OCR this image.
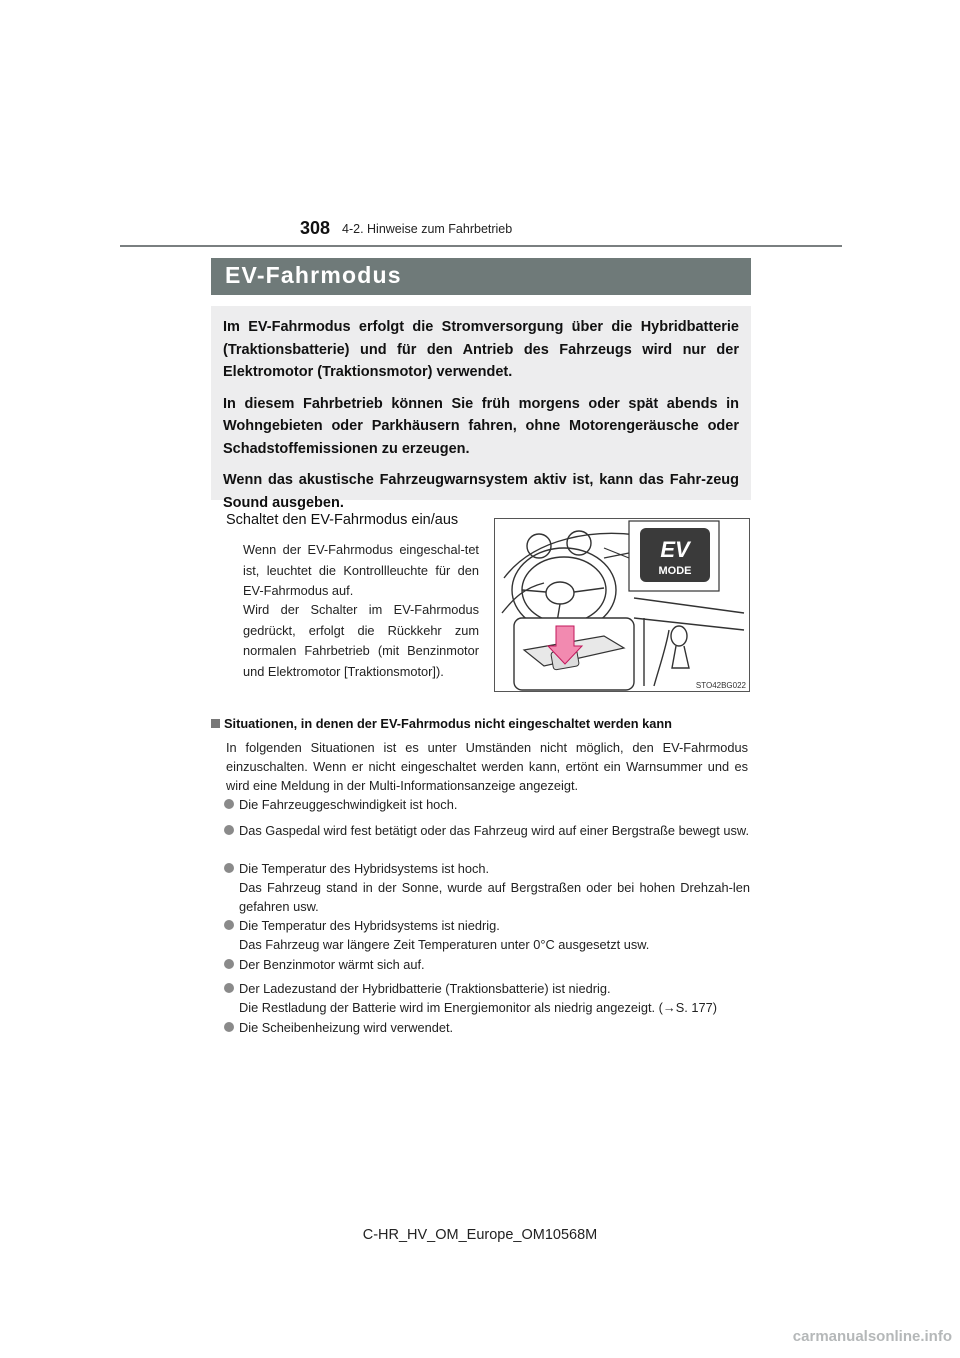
308 4-2. Hinweise zum Fahrbetrieb
EV-Fahrmodus

Im EV-Fahrmodus erfolgt die Stromversorgung über die Hybridbatterie (Traktionsbatterie) und für den Antrieb des Fahrzeugs wird nur der Elektromotor (Traktionsmotor) verwendet.

In diesem Fahrbetrieb können Sie früh morgens oder spät abends in Wohngebieten oder Parkhäusern fahren, ohne Motorengeräusche oder Schadstoffemissionen zu erzeugen.

Wenn das akustische Fahrzeugwarnsystem aktiv ist, kann das Fahr-zeug Sound ausgeben.

Schaltet den EV-Fahrmodus ein/aus
Wenn der EV-Fahrmodus eingeschal-tet ist, leuchtet die Kontrollleuchte für den EV-Fahrmodus auf.
Wird der Schalter im EV-Fahrmodus gedrückt, erfolgt die Rückkehr zum normalen Fahrbetrieb (mit Benzinmotor und Elektromotor [Traktionsmotor]).
EV
MODE
STO42BG022
Situationen, in denen der EV-Fahrmodus nicht eingeschaltet werden kann
In folgenden Situationen ist es unter Umständen nicht möglich, den EV-Fahrmodus einzuschalten. Wenn er nicht eingeschaltet werden kann, ertönt ein Warnsummer und es wird eine Meldung in der Multi-Informationsanzeige angezeigt.
Die Fahrzeuggeschwindigkeit ist hoch.
Das Gaspedal wird fest betätigt oder das Fahrzeug wird auf einer Bergstraße bewegt usw.
Die Temperatur des Hybridsystems ist hoch.
Das Fahrzeug stand in der Sonne, wurde auf Bergstraßen oder bei hohen Drehzah-len gefahren usw.
Die Temperatur des Hybridsystems ist niedrig.
Das Fahrzeug war längere Zeit Temperaturen unter 0°C ausgesetzt usw.
Der Benzinmotor wärmt sich auf.
Der Ladezustand der Hybridbatterie (Traktionsbatterie) ist niedrig.
Die Restladung der Batterie wird im Energiemonitor als niedrig angezeigt. (→S. 177)
Die Scheibenheizung wird verwendet.
C-HR_HV_OM_Europe_OM10568M
carmanualsonline.info
